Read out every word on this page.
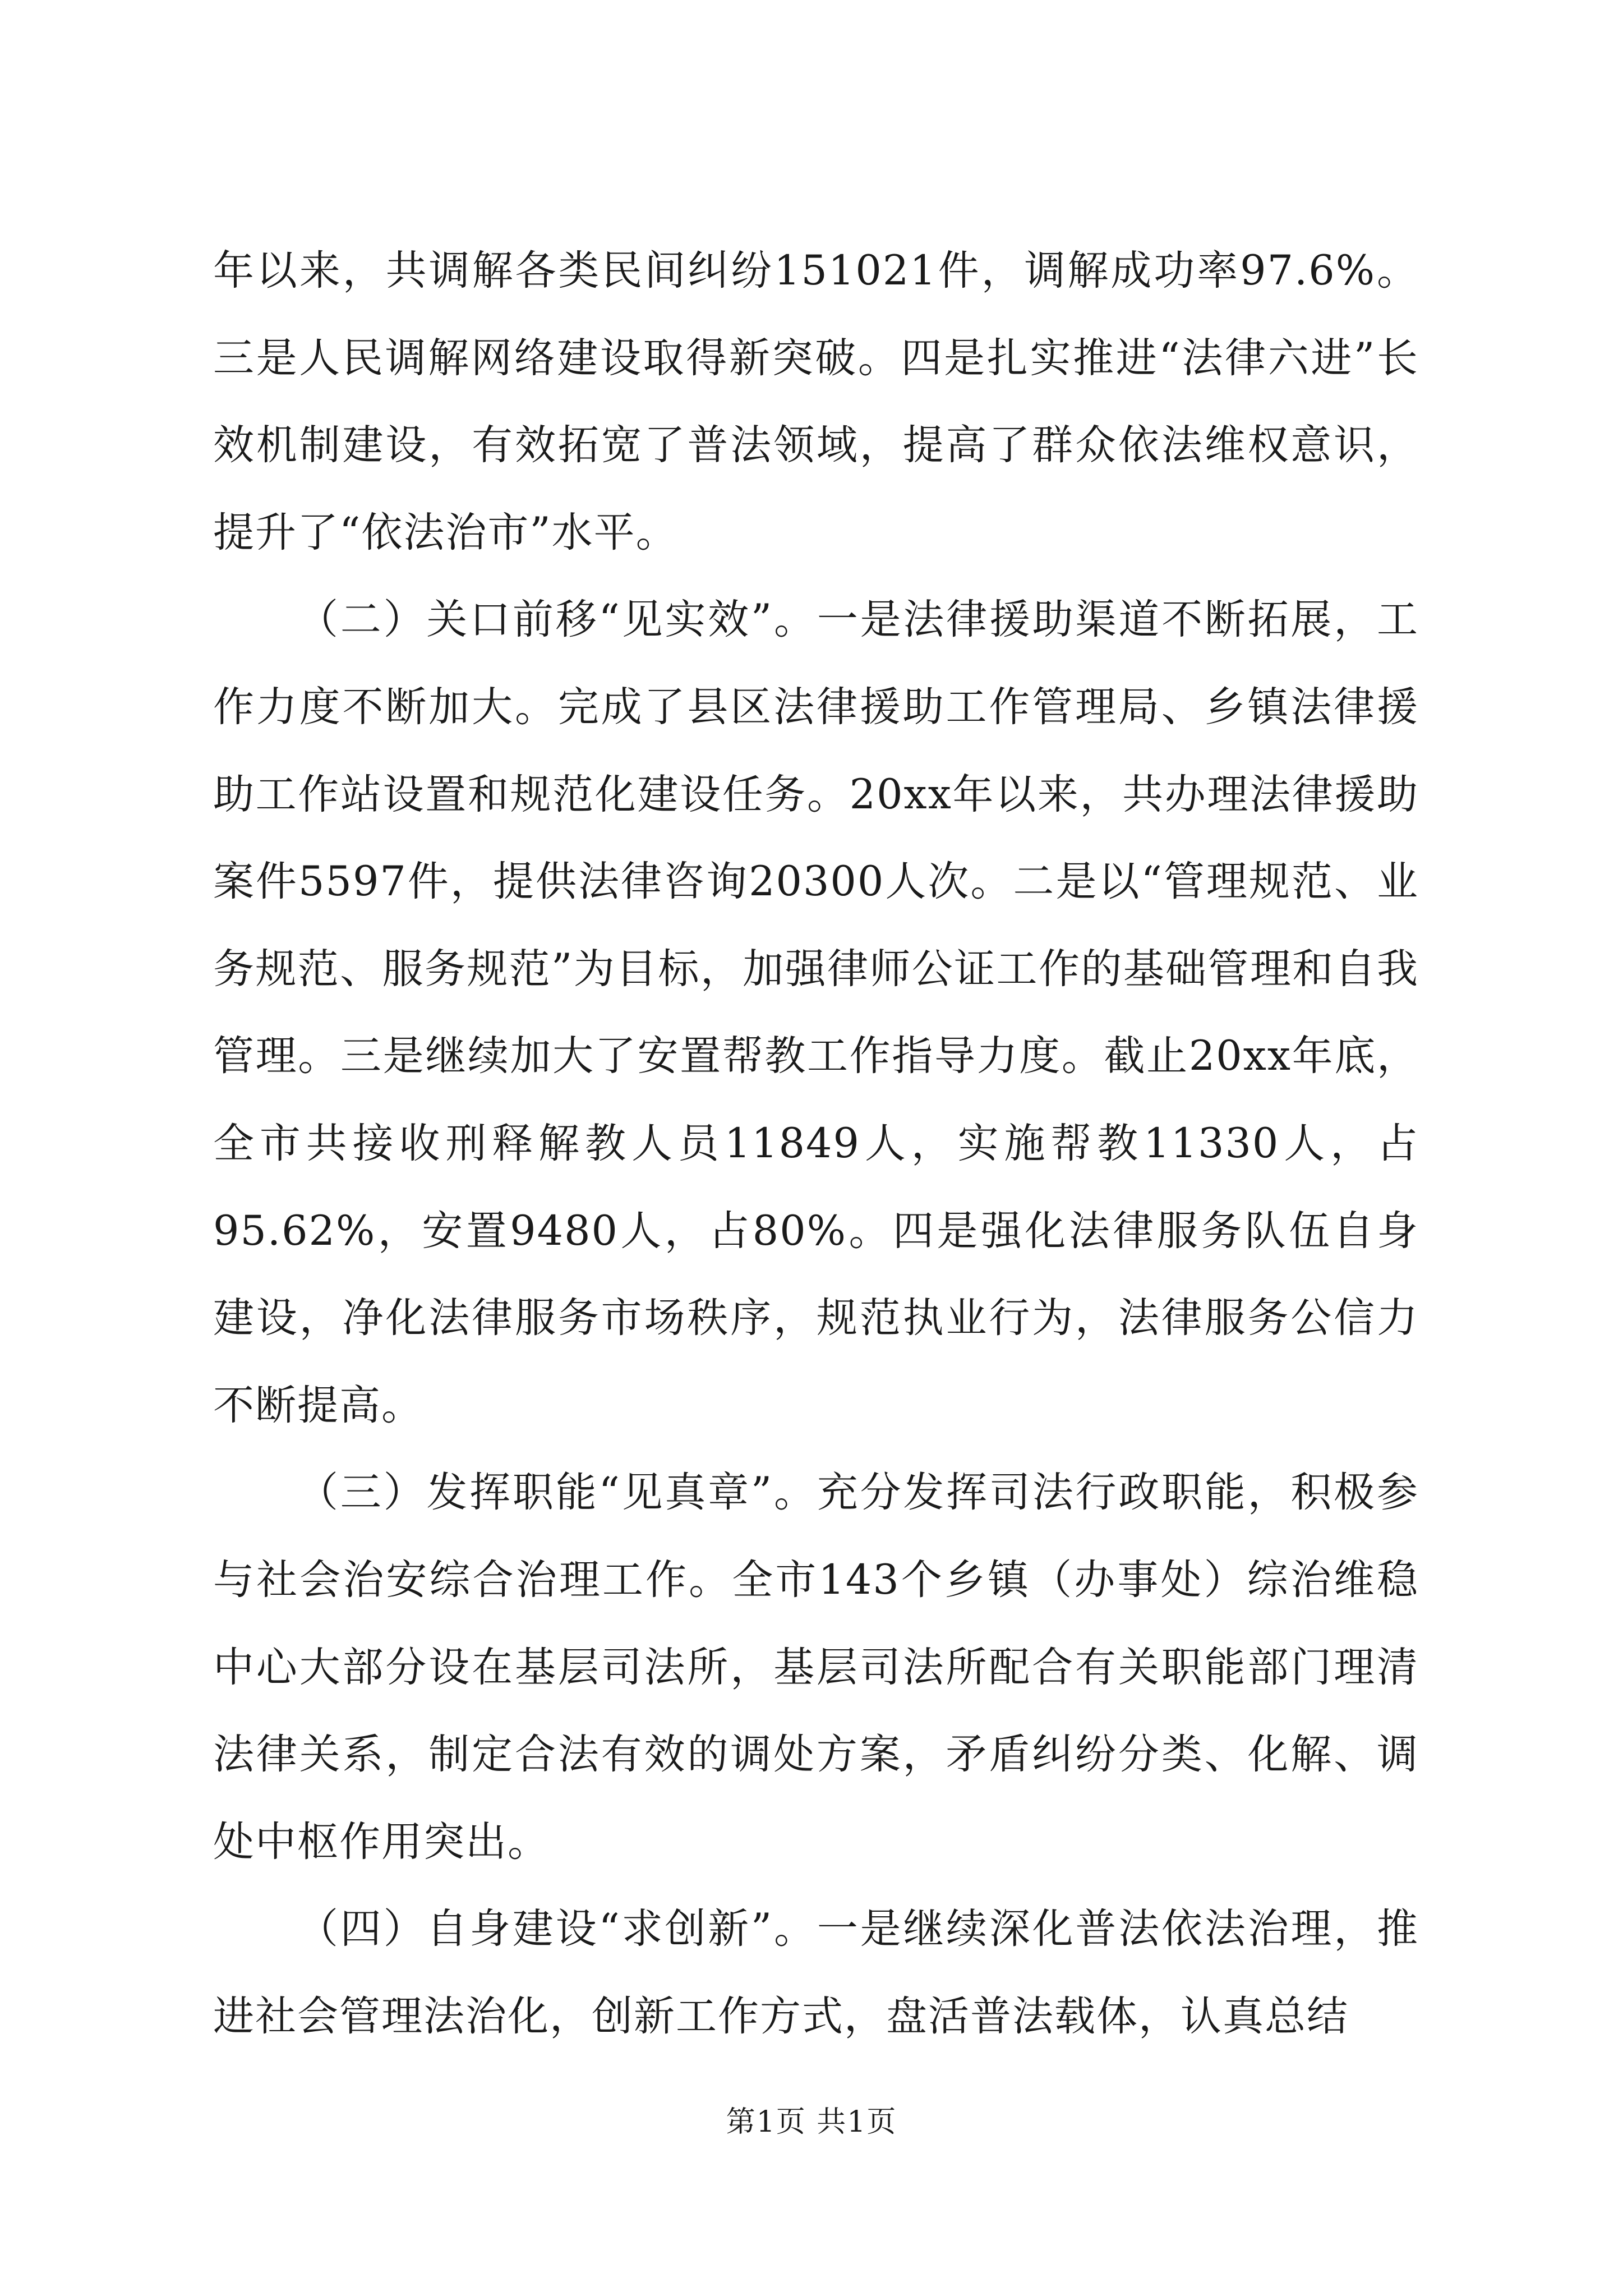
年以来，共调解各类民间纠纷151021件，调解成功率97.6%。三是人民调解网络建设取得新突破。四是扎实推进“法律六进”长效机制建设，有效拓宽了普法领域，提高了群众依法维权意识，提升了“依法治市”水平。

（二）关口前移“见实效”。一是法律援助渠道不断拓展，工作力度不断加大。完成了县区法律援助工作管理局、乡镇法律援助工作站设置和规范化建设任务。20xx年以来，共办理法律援助案件5597件，提供法律咨询20300人次。二是以“管理规范、业务规范、服务规范”为目标，加强律师公证工作的基础管理和自我管理。三是继续加大了安置帮教工作指导力度。截止20xx年底，全市共接收刑释解教人员11849人，实施帮教11330人，占95.62%，安置9480人，占80%。四是强化法律服务队伍自身建设，净化法律服务市场秩序，规范执业行为，法律服务公信力不断提高。

（三）发挥职能“见真章”。充分发挥司法行政职能，积极参与社会治安综合治理工作。全市143个乡镇（办事处）综治维稳中心大部分设在基层司法所，基层司法所配合有关职能部门理清法律关系，制定合法有效的调处方案，矛盾纠纷分类、化解、调处中枢作用突出。

（四）自身建设“求创新”。一是继续深化普法依法治理，推进社会管理法治化，创新工作方式，盘活普法载体，认真总结

第1页 共1页
